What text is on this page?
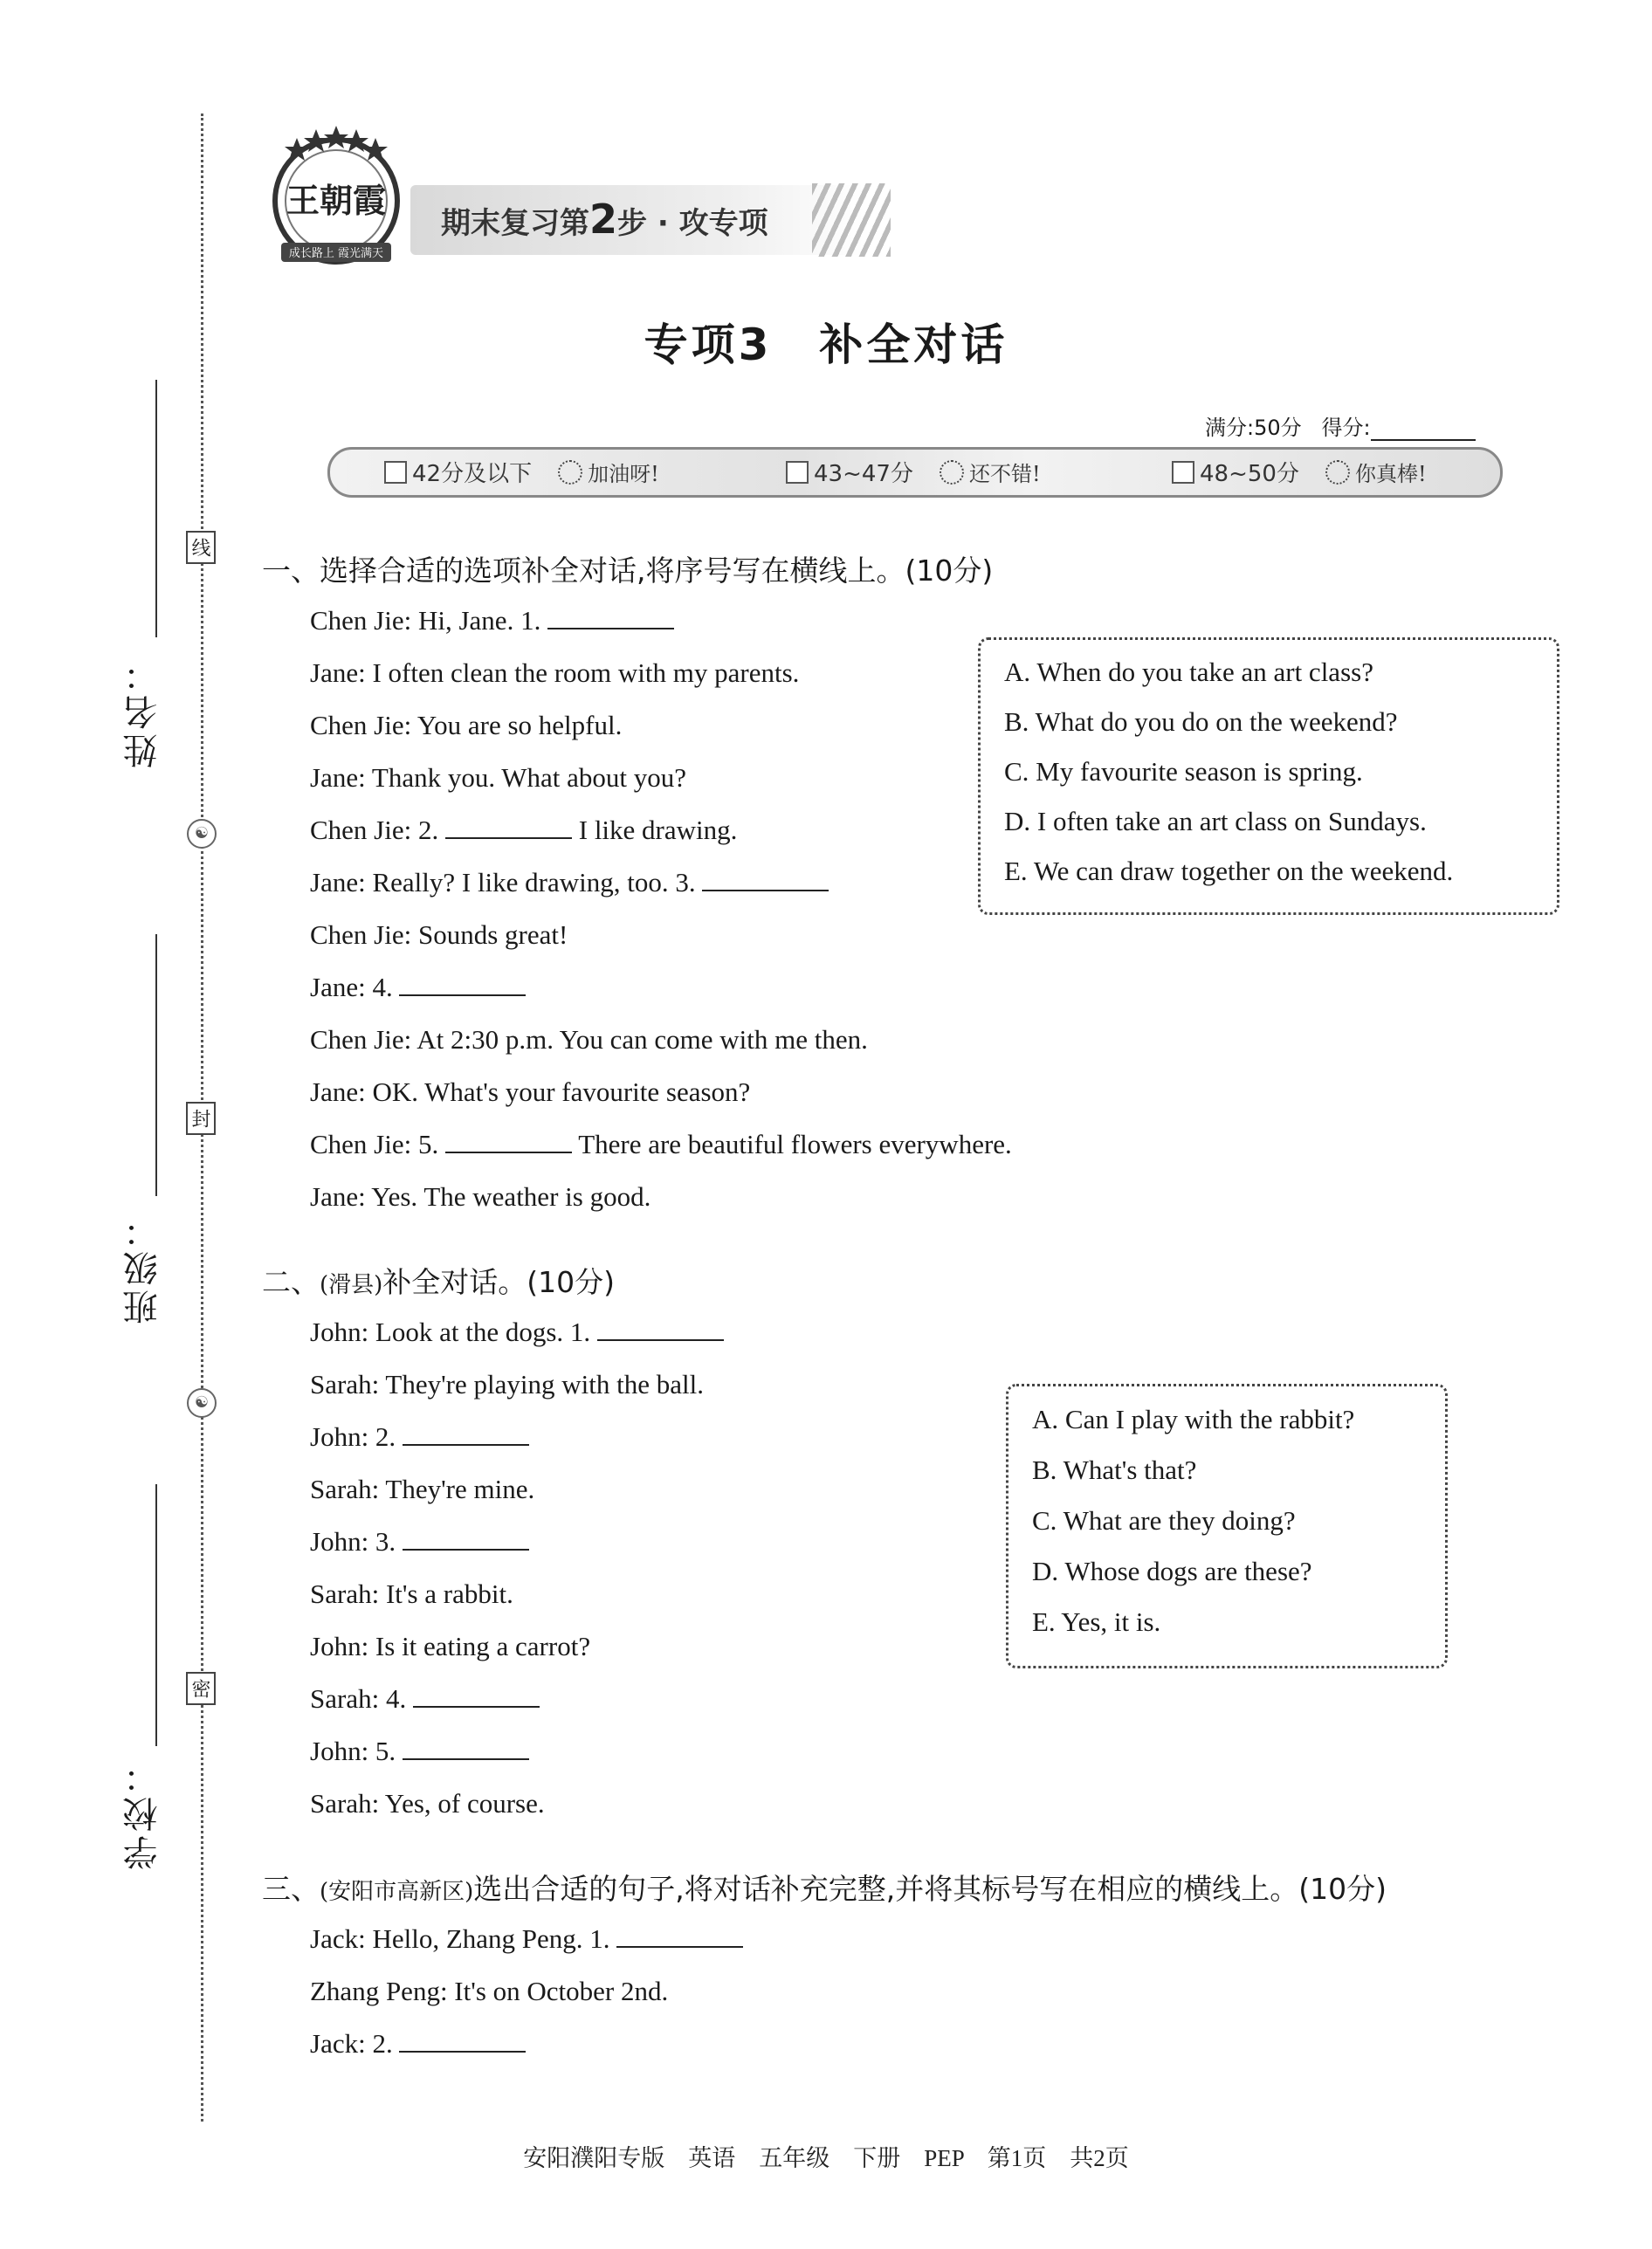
姓名：
班级：
学校：
线
封
密
☯
☯
期末复习第2步 · 攻专项
王朝霞
成长路上 霞光满天
专项3　补全对话
满分:50分 得分:
42分及以下	加油呀!	43~47分	还不错!	48~50分	你真棒!
一、选择合适的选项补全对话,将序号写在横线上。(10分)
Chen Jie: Hi, Jane. 1.
Jane: I often clean the room with my parents.
Chen Jie: You are so helpful.
Jane: Thank you. What about you?
Chen Jie: 2.	I like drawing.
Jane: Really? I like drawing, too. 3.
Chen Jie: Sounds great!
Jane: 4.
Chen Jie: At 2:30 p.m. You can come with me then.
Jane: OK. What's your favourite season?
Chen Jie: 5.	There are beautiful flowers everywhere.
Jane: Yes. The weather is good.
A. When do you take an art class?
B. What do you do on the weekend?
C. My favourite season is spring.
D. I often take an art class on Sundays.
E. We can draw together on the weekend.
二、(滑县)补全对话。(10分)
John: Look at the dogs. 1.
Sarah: They're playing with the ball.
John: 2.
Sarah: They're mine.
John: 3.
Sarah: It's a rabbit.
John: Is it eating a carrot?
Sarah: 4.
John: 5.
Sarah: Yes, of course.
A. Can I play with the rabbit?
B. What's that?
C. What are they doing?
D. Whose dogs are these?
E. Yes, it is.
三、(安阳市高新区)选出合适的句子,将对话补充完整,并将其标号写在相应的横线上。(10分)
Jack: Hello, Zhang Peng. 1.
Zhang Peng: It's on October 2nd.
Jack: 2.
安阳濮阳专版　英语　五年级　下册　PEP　第1页　共2页
